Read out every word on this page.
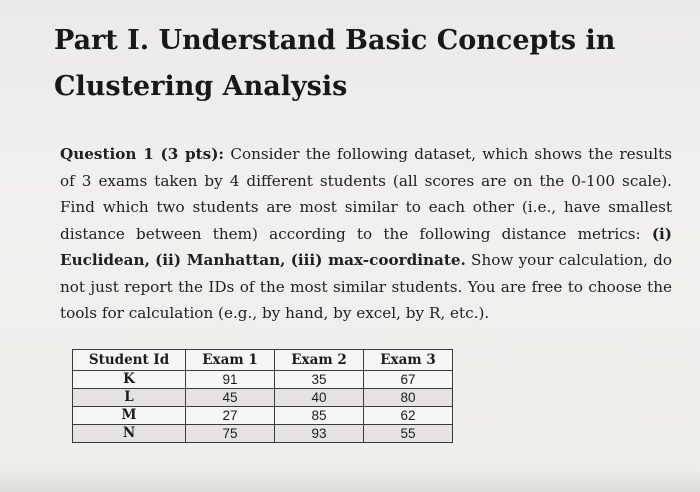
Part I. Understand Basic Concepts in Clustering Analysis

Question 1 (3 pts): Consider the following dataset, which shows the results of 3 exams taken by 4 different students (all scores are on the 0-100 scale). Find which two students are most similar to each other (i.e., have smallest distance between them) according to the following distance metrics: (i) Euclidean, (ii) Manhattan, (iii) max-coordinate. Show your calculation, do not just report the IDs of the most similar students. You are free to choose the tools for calculation (e.g., by hand, by excel, by R, etc.).

Student Id	Exam 1	Exam 2	Exam 3
K	91	35	67
L	45	40	80
M	27	85	62
N	75	93	55
